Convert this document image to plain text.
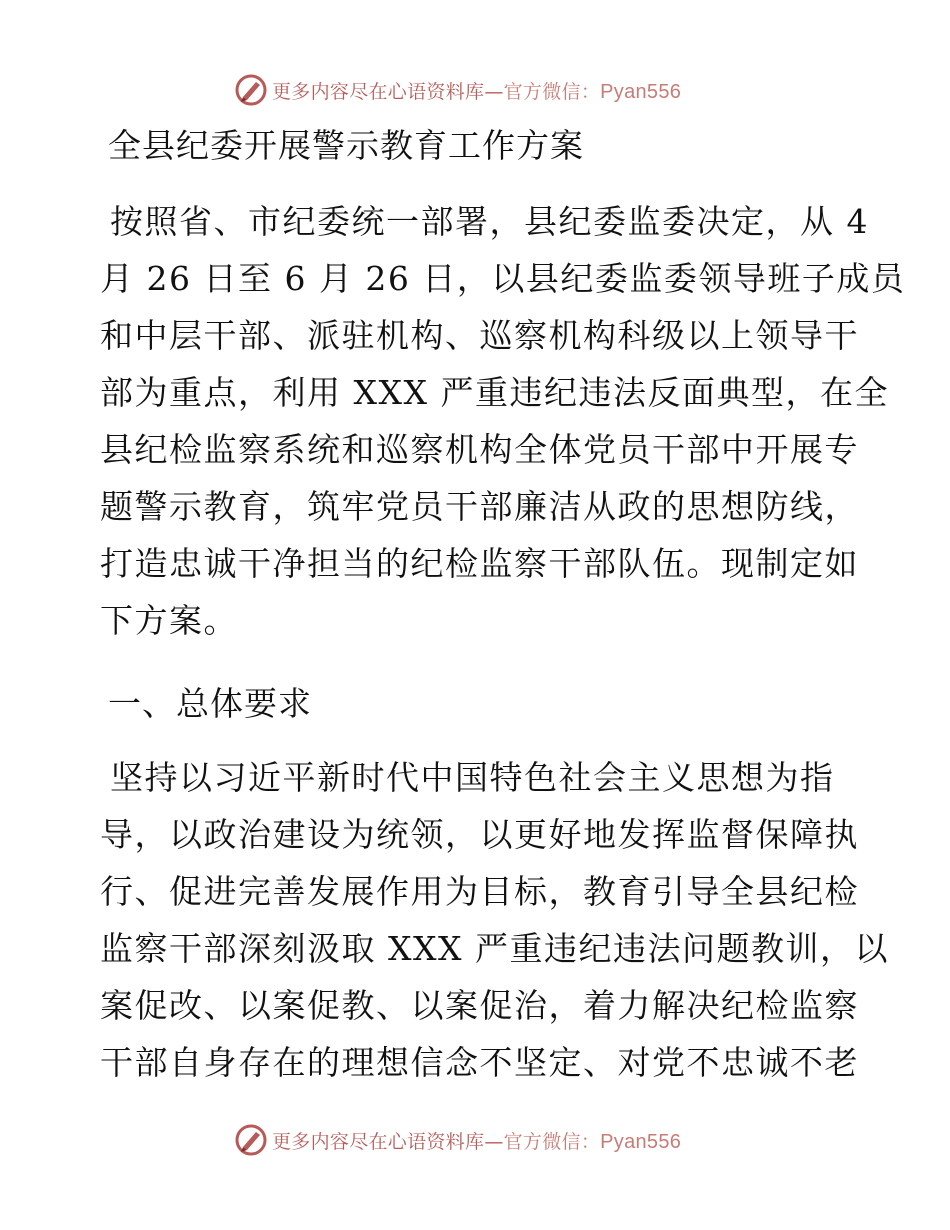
更多内容尽在心语资料库—官方微信：Pyan556
全县纪委开展警示教育工作方案
按照省、市纪委统一部署，县纪委监委决定，从 4
月 26 日至 6 月 26 日，以县纪委监委领导班子成员
和中层干部、派驻机构、巡察机构科级以上领导干
部为重点，利用 XXX 严重违纪违法反面典型，在全
县纪检监察系统和巡察机构全体党员干部中开展专
题警示教育，筑牢党员干部廉洁从政的思想防线，
打造忠诚干净担当的纪检监察干部队伍。现制定如
下方案。
一、总体要求
坚持以习近平新时代中国特色社会主义思想为指
导，以政治建设为统领，以更好地发挥监督保障执
行、促进完善发展作用为目标，教育引导全县纪检
监察干部深刻汲取 XXX 严重违纪违法问题教训，以
案促改、以案促教、以案促治，着力解决纪检监察
干部自身存在的理想信念不坚定、对党不忠诚不老
更多内容尽在心语资料库—官方微信：Pyan556
